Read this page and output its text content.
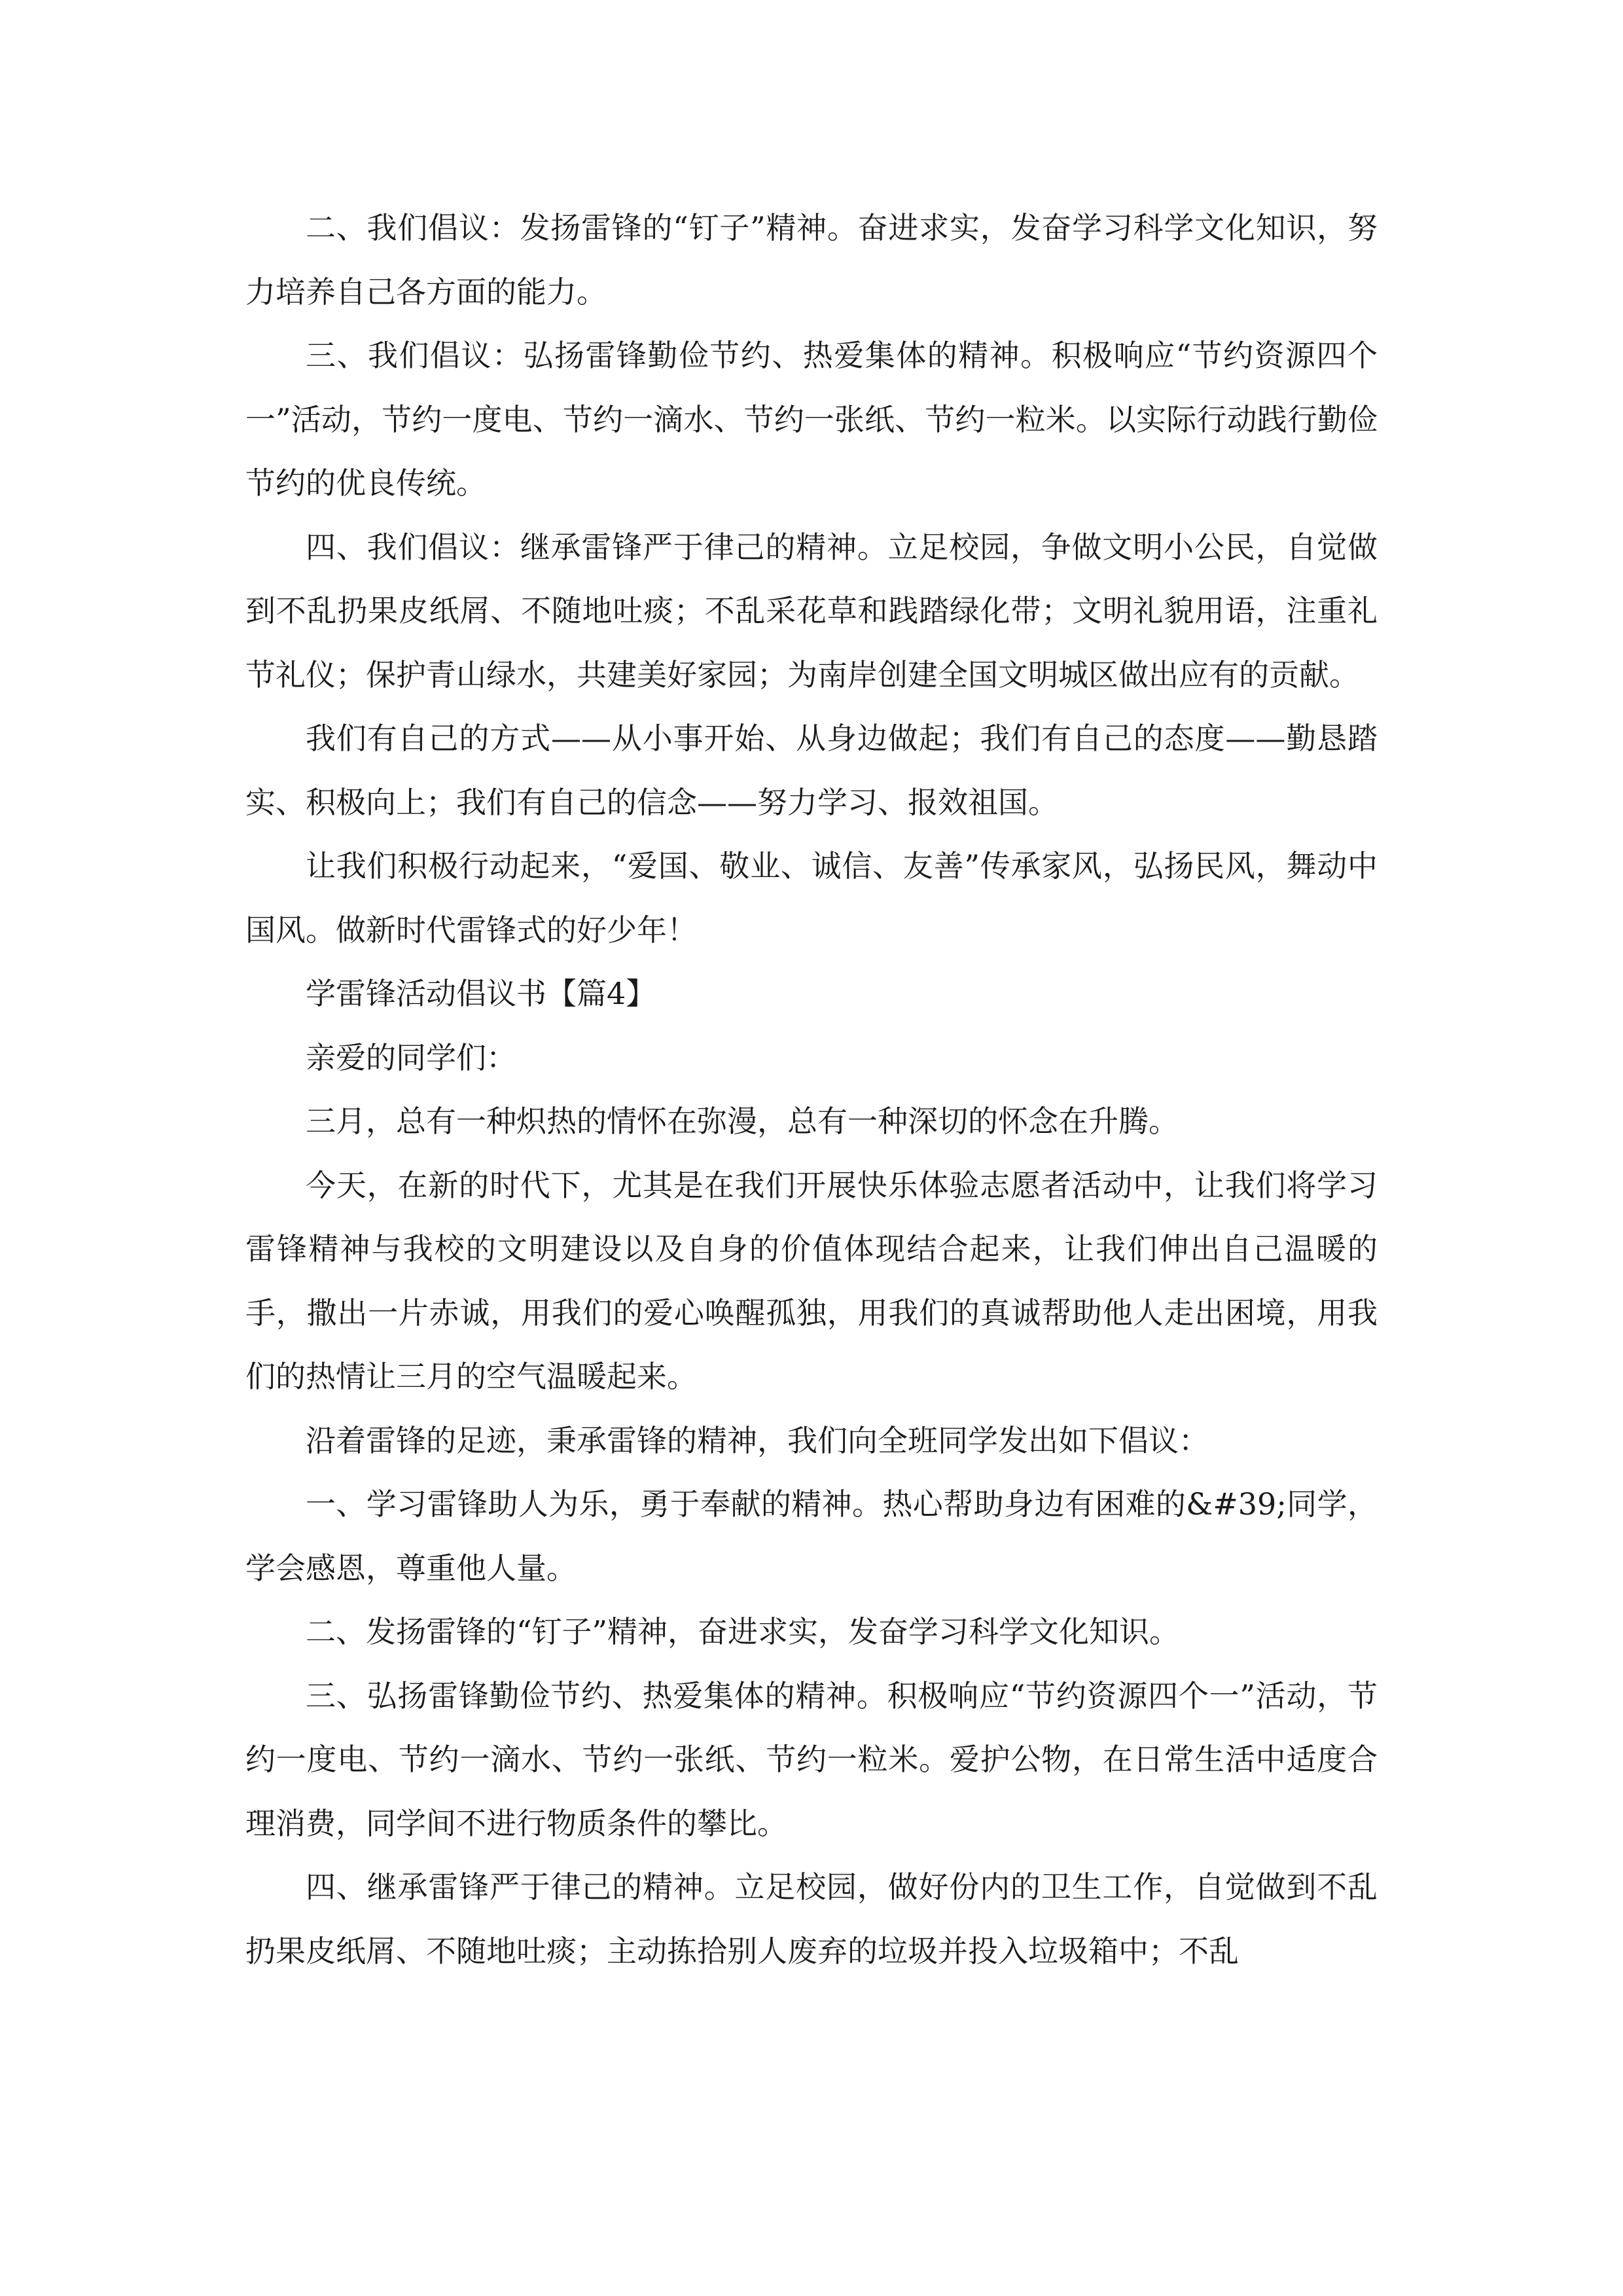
二、我们倡议：发扬雷锋的“钉子”精神。奋进求实，发奋学习科学文化知识，努力培养自己各方面的能力。

三、我们倡议：弘扬雷锋勤俭节约、热爱集体的精神。积极响应“节约资源四个一”活动，节约一度电、节约一滴水、节约一张纸、节约一粒米。以实际行动践行勤俭节约的优良传统。

四、我们倡议：继承雷锋严于律己的精神。立足校园，争做文明小公民，自觉做到不乱扔果皮纸屑、不随地吐痰；不乱采花草和践踏绿化带；文明礼貌用语，注重礼节礼仪；保护青山绿水，共建美好家园；为南岸创建全国文明城区做出应有的贡献。

我们有自己的方式——从小事开始、从身边做起；我们有自己的态度——勤恳踏实、积极向上；我们有自己的信念——努力学习、报效祖国。

让我们积极行动起来，“爱国、敬业、诚信、友善”传承家风，弘扬民风，舞动中国风。做新时代雷锋式的好少年！

学雷锋活动倡议书【篇4】

亲爱的同学们：

三月，总有一种炽热的情怀在弥漫，总有一种深切的怀念在升腾。

今天，在新的时代下，尤其是在我们开展快乐体验志愿者活动中，让我们将学习雷锋精神与我校的文明建设以及自身的价值体现结合起来，让我们伸出自己温暖的手，撒出一片赤诚，用我们的爱心唤醒孤独，用我们的真诚帮助他人走出困境，用我们的热情让三月的空气温暖起来。

沿着雷锋的足迹，秉承雷锋的精神，我们向全班同学发出如下倡议：

一、学习雷锋助人为乐，勇于奉献的精神。热心帮助身边有困难的&#39;同学，学会感恩，尊重他人量。

二、发扬雷锋的“钉子”精神，奋进求实，发奋学习科学文化知识。

三、弘扬雷锋勤俭节约、热爱集体的精神。积极响应“节约资源四个一”活动，节约一度电、节约一滴水、节约一张纸、节约一粒米。爱护公物，在日常生活中适度合理消费，同学间不进行物质条件的攀比。

四、继承雷锋严于律己的精神。立足校园，做好份内的卫生工作，自觉做到不乱扔果皮纸屑、不随地吐痰；主动拣拾别人废弃的垃圾并投入垃圾箱中；不乱
